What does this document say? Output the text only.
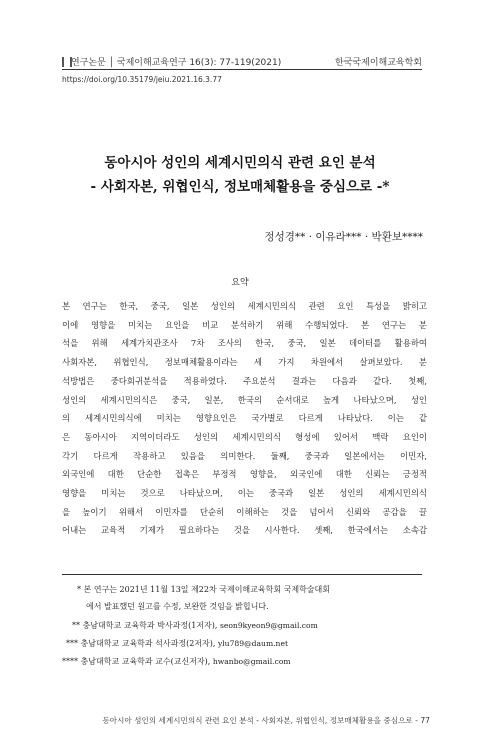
연구논문 │ 국제이해교육연구 16(3): 77-119(2021)	한국국제이해교육학회
https://doi.org/10.35179/jeiu.2021.16.3.77
동아시아 성인의 세계시민의식 관련 요인 분석
- 사회자본, 위협인식, 정보매체활용을 중심으로 -*
정성경** · 이유라*** · 박환보****
요약
본 연구는 한국, 중국, 일본 성인의 세계시민의식 관련 요인 특성을 밝히고
이에 영향을 미치는 요인을 비교 분석하기 위해 수행되었다. 본 연구는 분
석을 위해 세계가치관조사 7차 조사의 한국, 중국, 일본 데이터를 활용하여
사회자본, 위협인식, 정보매체활용이라는 세 가지 차원에서 살펴보았다. 분
석방법은 중다회귀분석을 적용하였다. 주요분석 결과는 다음과 같다. 첫째,
성인의 세계시민의식은 중국, 일본, 한국의 순서대로 높게 나타났으며, 성인
의 세계시민의식에 미치는 영향요인은 국가별로 다르게 나타났다. 이는 같
은 동아시아 지역이더라도 성인의 세계시민의식 형성에 있어서 맥락 요인이
각기 다르게 작용하고 있음을 의미한다. 둘째, 중국과 일본에서는 이민자,
외국인에 대한 단순한 접촉은 부정적 영향을, 외국인에 대한 신뢰는 긍정적
영향을 미치는 것으로 나타났으며, 이는 중국과 일본 성인의 세계시민의식
을 높이기 위해서 이민자를 단순히 이해하는 것을 넘어서 신뢰와 공감을 끌
어내는 교육적 기제가 필요하다는 것을 시사한다. 셋째, 한국에서는 소속감
* 본 연구는 2021년 11월 13일 제22차 국제이해교육학회 국제학술대회
에서 발표했던 원고를 수정, 보완한 것임을 밝힙니다.
** 충남대학교 교육학과 박사과정(1저자), seon9kyeon9@gmail.com
*** 충남대학교 교육학과 석사과정(2저자), ylu789@daum.net
**** 충남대학교 교육학과 교수(교신저자), hwanbo@gmail.com
동아시아 성인의 세계시민의식 관련 요인 분석 - 사회자본, 위협인식, 정보매체활용을 중심으로 - 77
